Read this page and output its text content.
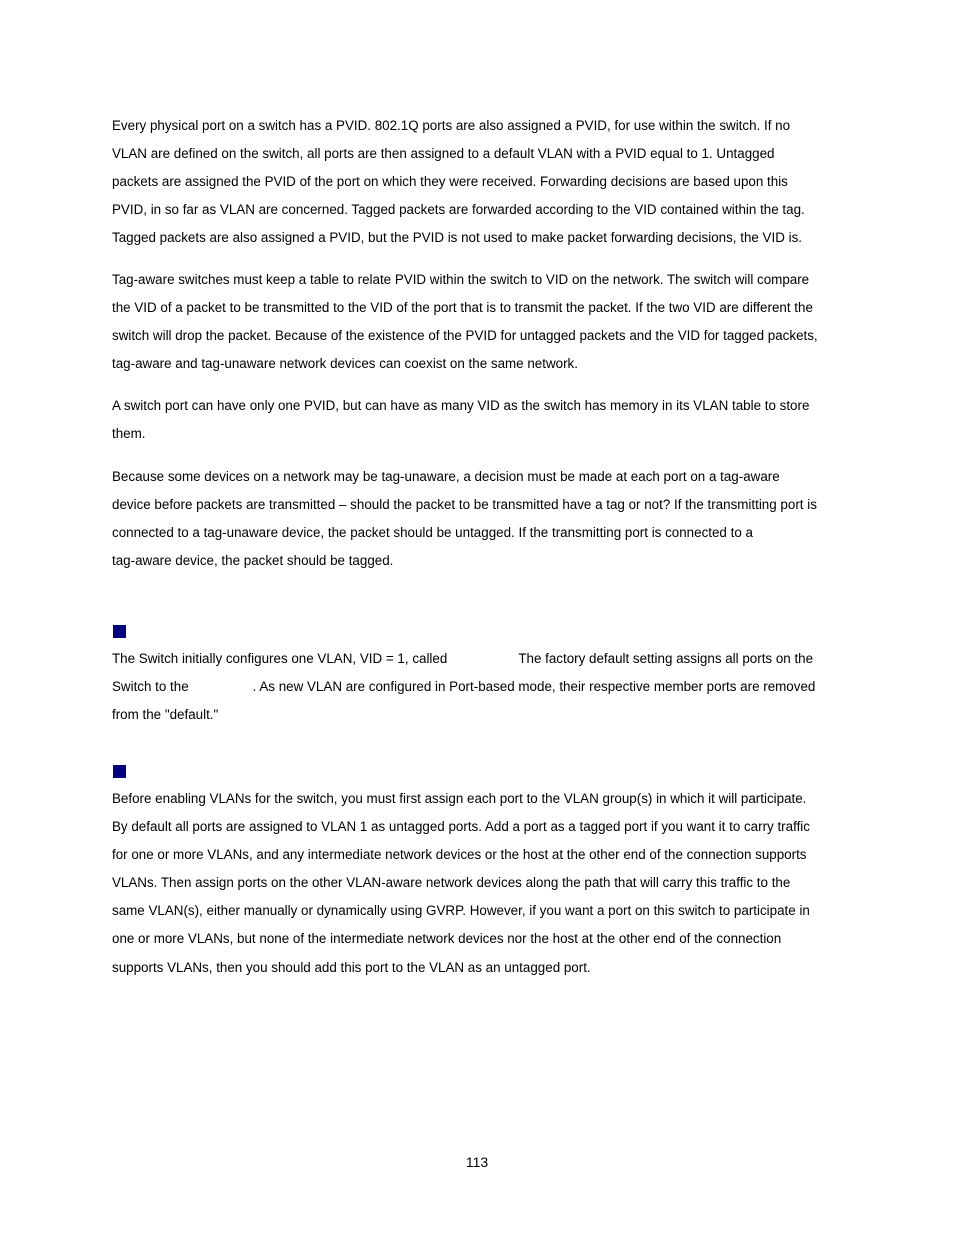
Every physical port on a switch has a PVID. 802.1Q ports are also assigned a PVID, for use within the switch. If no
VLAN are defined on the switch, all ports are then assigned to a default VLAN with a PVID equal to 1. Untagged
packets are assigned the PVID of the port on which they were received. Forwarding decisions are based upon this
PVID, in so far as VLAN are concerned. Tagged packets are forwarded according to the VID contained within the tag.
Tagged packets are also assigned a PVID, but the PVID is not used to make packet forwarding decisions, the VID is.

Tag-aware switches must keep a table to relate PVID within the switch to VID on the network. The switch will compare
the VID of a packet to be transmitted to the VID of the port that is to transmit the packet. If the two VID are different the
switch will drop the packet. Because of the existence of the PVID for untagged packets and the VID for tagged packets,
tag-aware and tag-unaware network devices can coexist on the same network.

A switch port can have only one PVID, but can have as many VID as the switch has memory in its VLAN table to store
them.

Because some devices on a network may be tag-unaware, a decision must be made at each port on a tag-aware
device before packets are transmitted – should the packet to be transmitted have a tag or not? If the transmitting port is
connected to a tag-unaware device, the packet should be untagged. If the transmitting port is connected to a
tag-aware device, the packet should be tagged.

The Switch initially configures one VLAN, VID = 1, called	The factory default setting assigns all ports on the
Switch to the	. As new VLAN are configured in Port-based mode, their respective member ports are removed
from the "default."

Before enabling VLANs for the switch, you must first assign each port to the VLAN group(s) in which it will participate.
By default all ports are assigned to VLAN 1 as untagged ports. Add a port as a tagged port if you want it to carry traffic
for one or more VLANs, and any intermediate network devices or the host at the other end of the connection supports
VLANs. Then assign ports on the other VLAN-aware network devices along the path that will carry this traffic to the
same VLAN(s), either manually or dynamically using GVRP. However, if you want a port on this switch to participate in
one or more VLANs, but none of the intermediate network devices nor the host at the other end of the connection
supports VLANs, then you should add this port to the VLAN as an untagged port.

113
